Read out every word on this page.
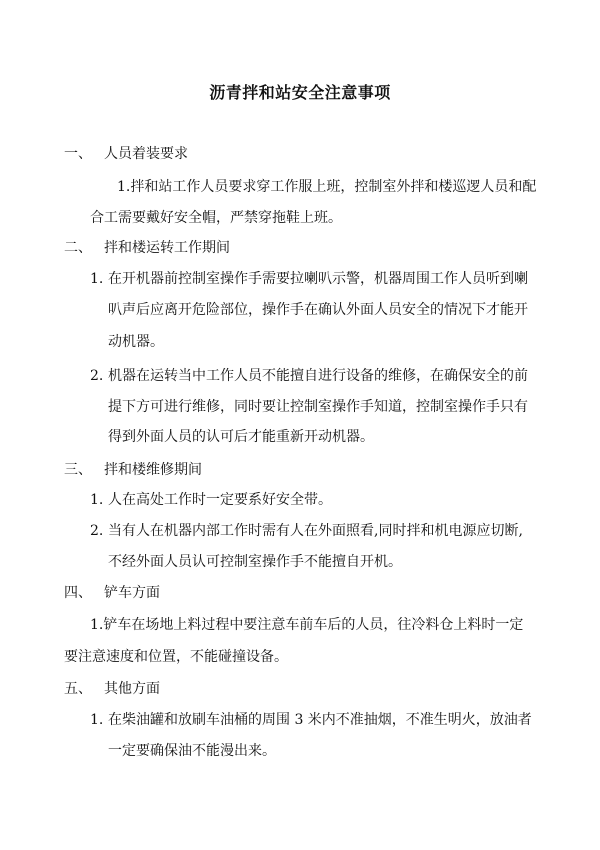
沥青拌和站安全注意事项
一、 人员着装要求
1.拌和站工作人员要求穿工作服上班，控制室外拌和楼巡逻人员和配
合工需要戴好安全帽，严禁穿拖鞋上班。
二、 拌和楼运转工作期间
1. 在开机器前控制室操作手需要拉喇叭示警，机器周围工作人员听到喇
叭声后应离开危险部位，操作手在确认外面人员安全的情况下才能开
动机器。
2. 机器在运转当中工作人员不能擅自进行设备的维修，在确保安全的前
提下方可进行维修，同时要让控制室操作手知道，控制室操作手只有
得到外面人员的认可后才能重新开动机器。
三、 拌和楼维修期间
1. 人在高处工作时一定要系好安全带。
2. 当有人在机器内部工作时需有人在外面照看,同时拌和机电源应切断,
不经外面人员认可控制室操作手不能擅自开机。
四、 铲车方面
1.铲车在场地上料过程中要注意车前车后的人员，往冷料仓上料时一定
要注意速度和位置，不能碰撞设备。
五、 其他方面
1. 在柴油罐和放刷车油桶的周围 3 米内不准抽烟，不准生明火，放油者
一定要确保油不能漫出来。
